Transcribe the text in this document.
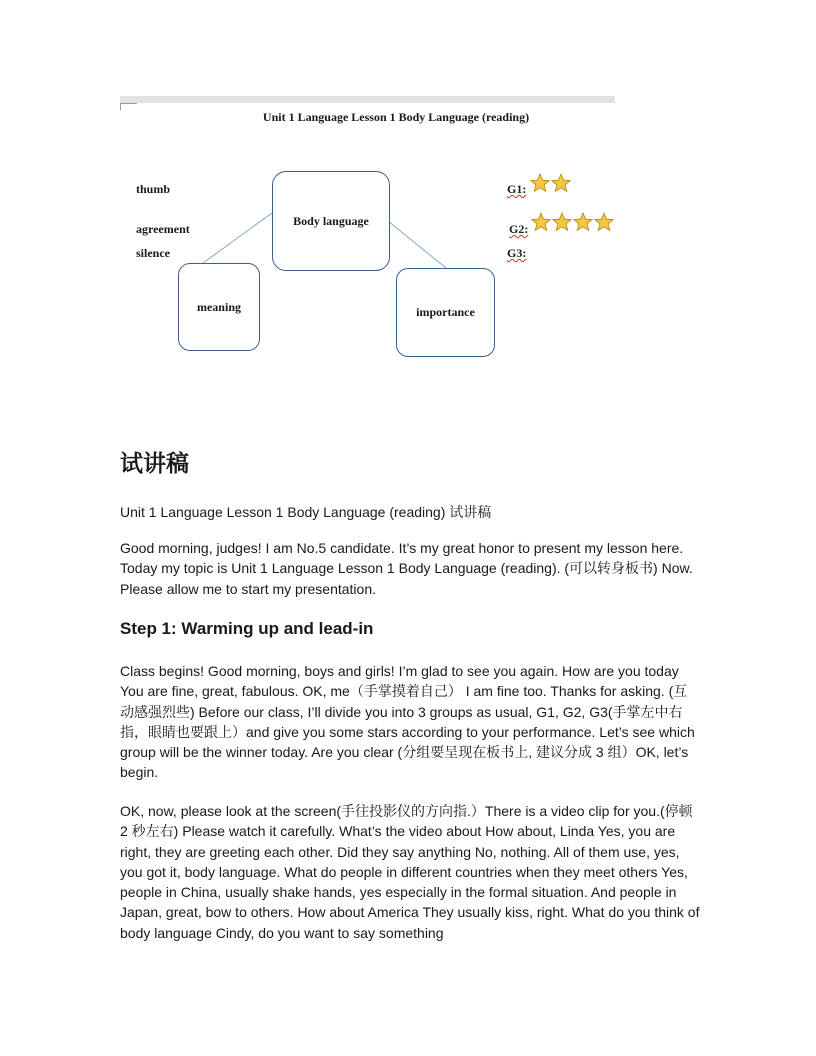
Unit 1 Language Lesson 1 Body Language (reading)
thumb
agreement
silence
Body language
meaning	importance
G1:
G2:
G3:
试讲稿

Unit 1 Language Lesson 1 Body Language (reading) 试讲稿

Good morning, judges! I am No.5 candidate. It’s my great honor to present my lesson here. Today my topic is Unit 1 Language Lesson 1 Body Language (reading). (可以转身板书) Now. Please allow me to start my presentation.

Step 1: Warming up and lead-in

Class begins! Good morning, boys and girls! I’m glad to see you again. How are you today You are fine, great, fabulous. OK, me（手掌摸着自己） I am fine too. Thanks for asking. (互动感强烈些) Before our class, I’ll divide you into 3 groups as usual, G1, G2, G3(手掌左中右指，眼睛也要跟上）and give you some stars according to your performance. Let’s see which group will be the winner today. Are you clear (分组要呈现在板书上, 建议分成 3 组）OK, let’s begin.

OK, now, please look at the screen(手往投影仪的方向指.）There is a video clip for you.(停顿 2 秒左右) Please watch it carefully. What’s the video about How about, Linda Yes, you are right, they are greeting each other. Did they say anything No, nothing. All of them use, yes, you got it, body language. What do people in different countries when they meet others Yes, people in China, usually shake hands, yes especially in the formal situation. And people in Japan, great, bow to others. How about America They usually kiss, right. What do you think of body language Cindy, do you want to say something
